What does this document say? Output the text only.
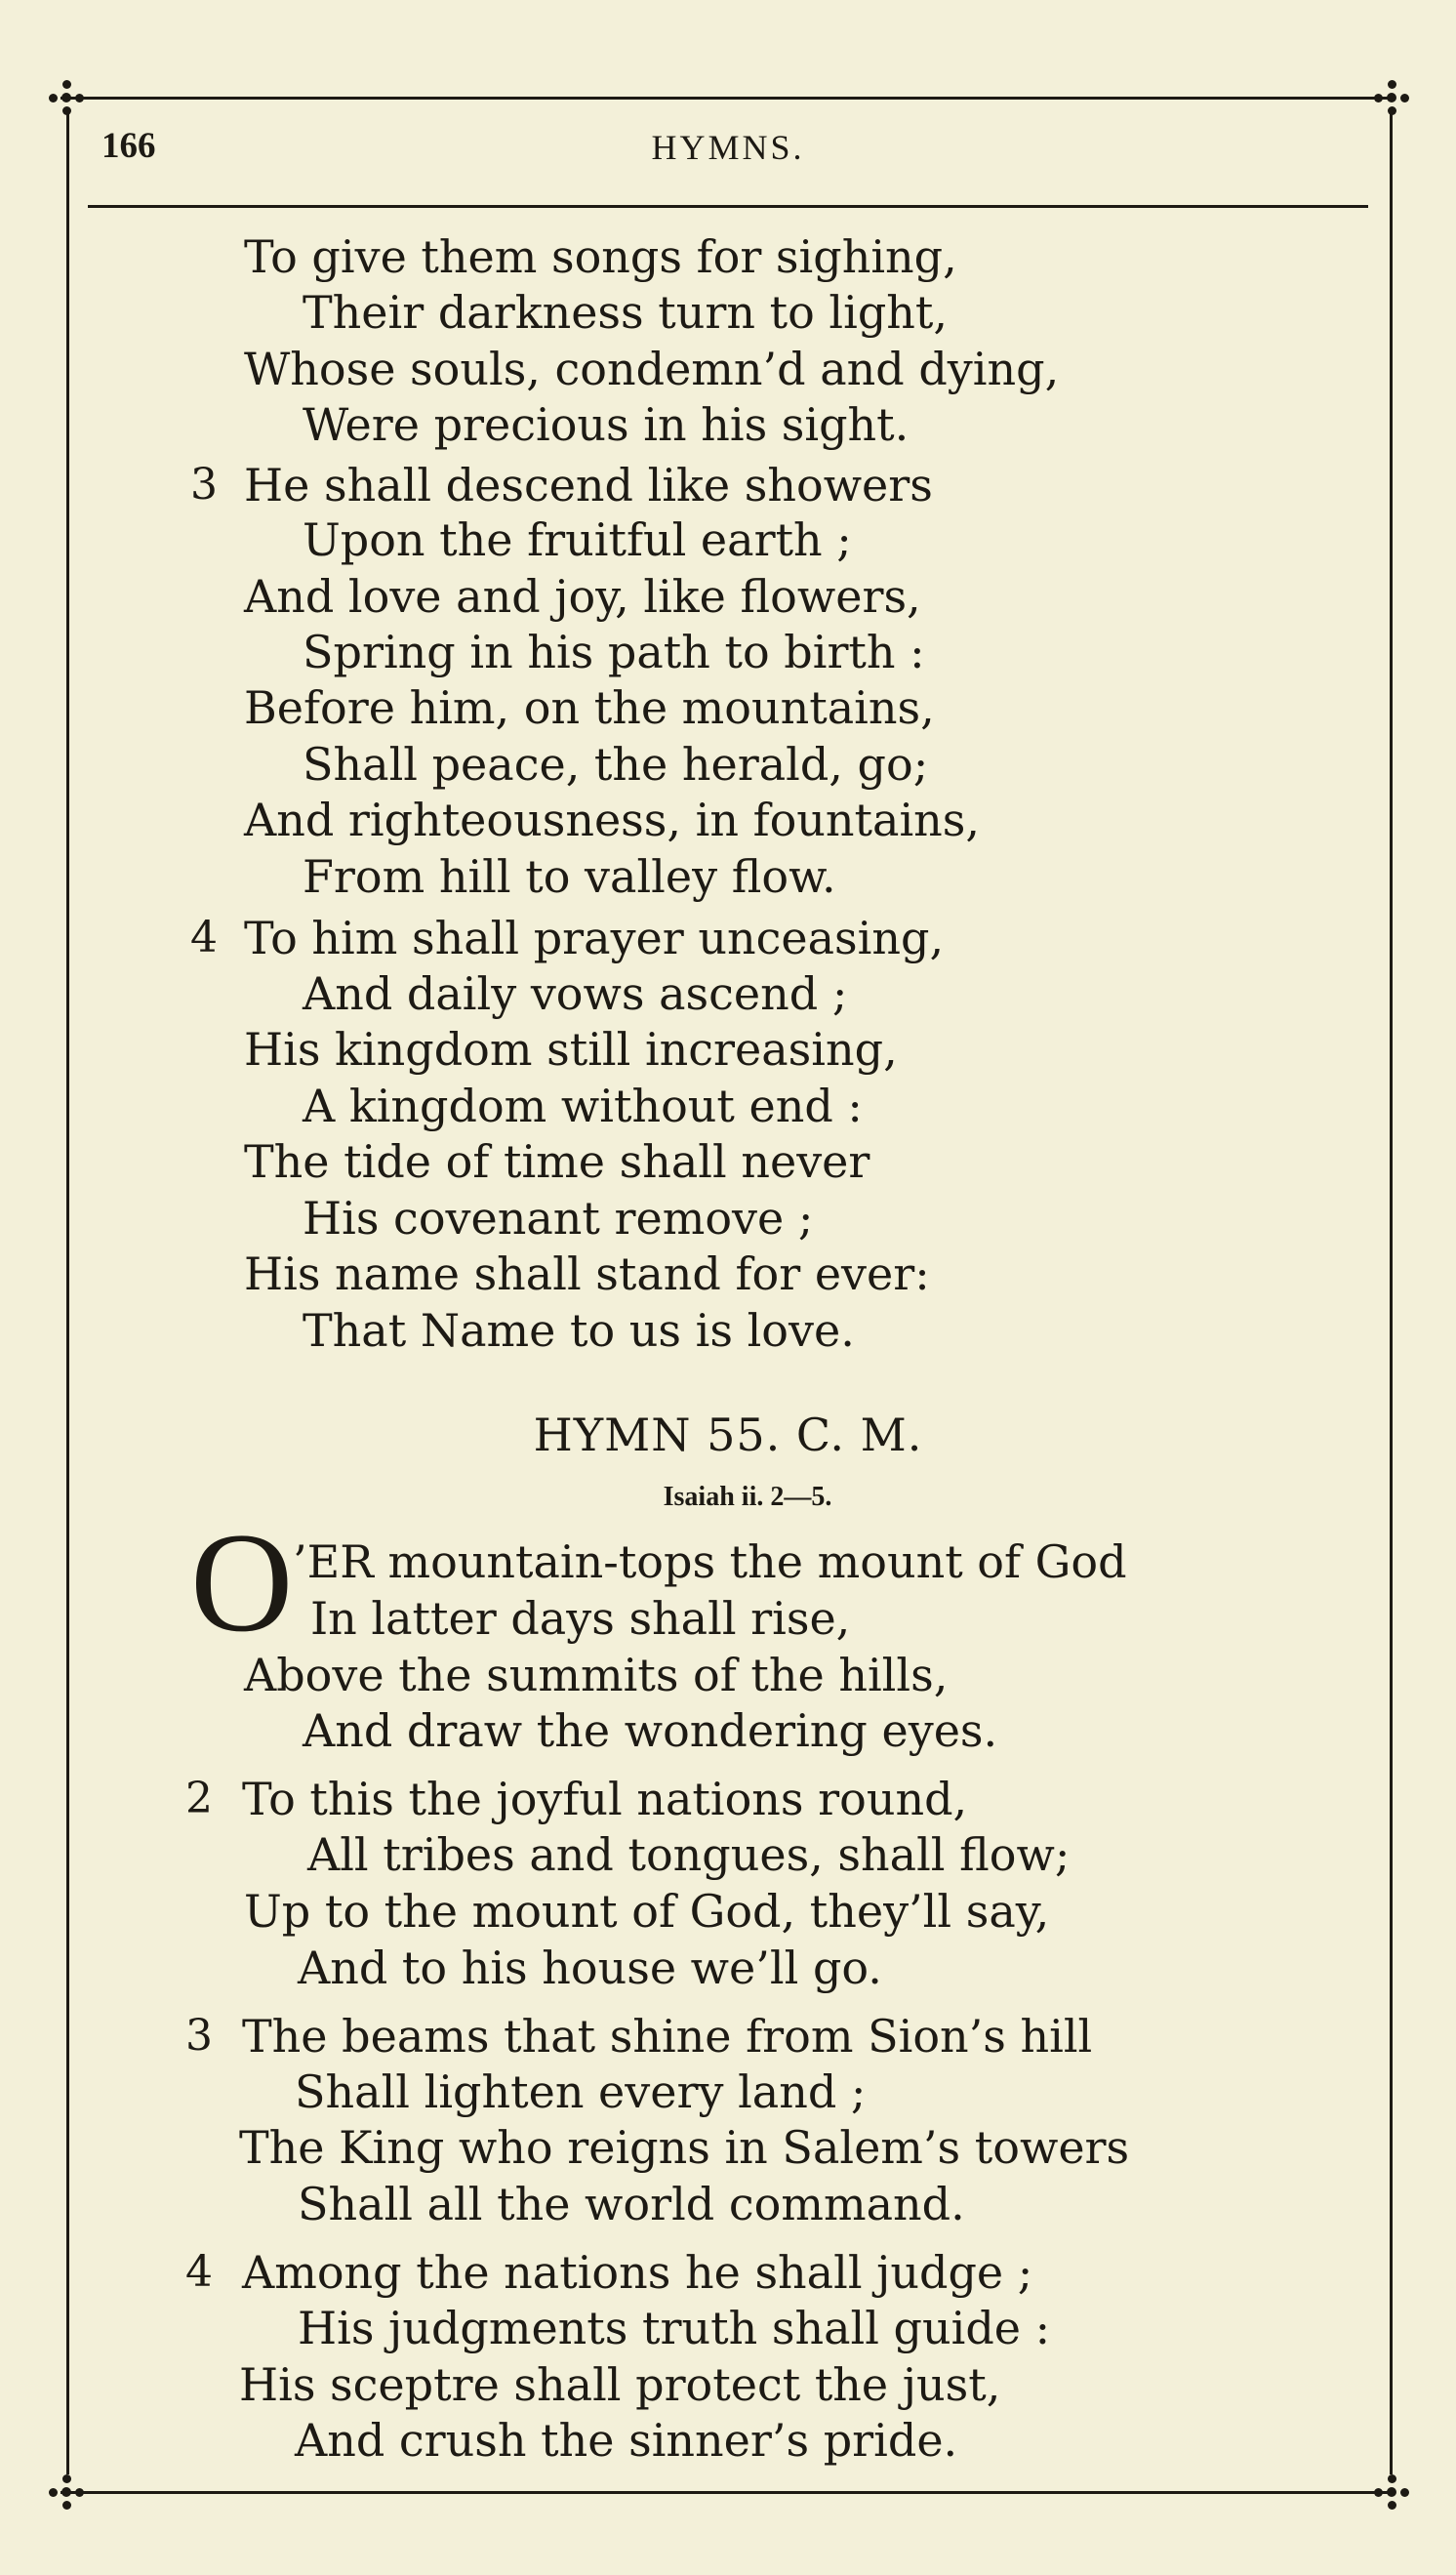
166	HYMNS.
To give them songs for sighing,
Their darkness turn to light,
Whose souls, condemn’d and dying,
Were precious in his sight.
3 He shall descend like showers
Upon the fruitful earth ;
And love and joy, like flowers,
Spring in his path to birth :
Before him, on the mountains,
Shall peace, the herald, go;
And righteousness, in fountains,
From hill to valley flow.
4 To him shall prayer unceasing,
And daily vows ascend ;
His kingdom still increasing,
A kingdom without end :
The tide of time shall never
His covenant remove ;
His name shall stand for ever:
That Name to us is love.
HYMN 55. C. M.
Isaiah ii. 2—5.
O ’ER mountain-tops the mount of God
In latter days shall rise,
Above the summits of the hills,
And draw the wondering eyes.
2 To this the joyful nations round,
All tribes and tongues, shall flow;
Up to the mount of God, they’ll say,
And to his house we’ll go.
3 The beams that shine from Sion’s hill
Shall lighten every land ;
The King who reigns in Salem’s towers
Shall all the world command.
4 Among the nations he shall judge ;
His judgments truth shall guide :
His sceptre shall protect the just,
And crush the sinner’s pride.
